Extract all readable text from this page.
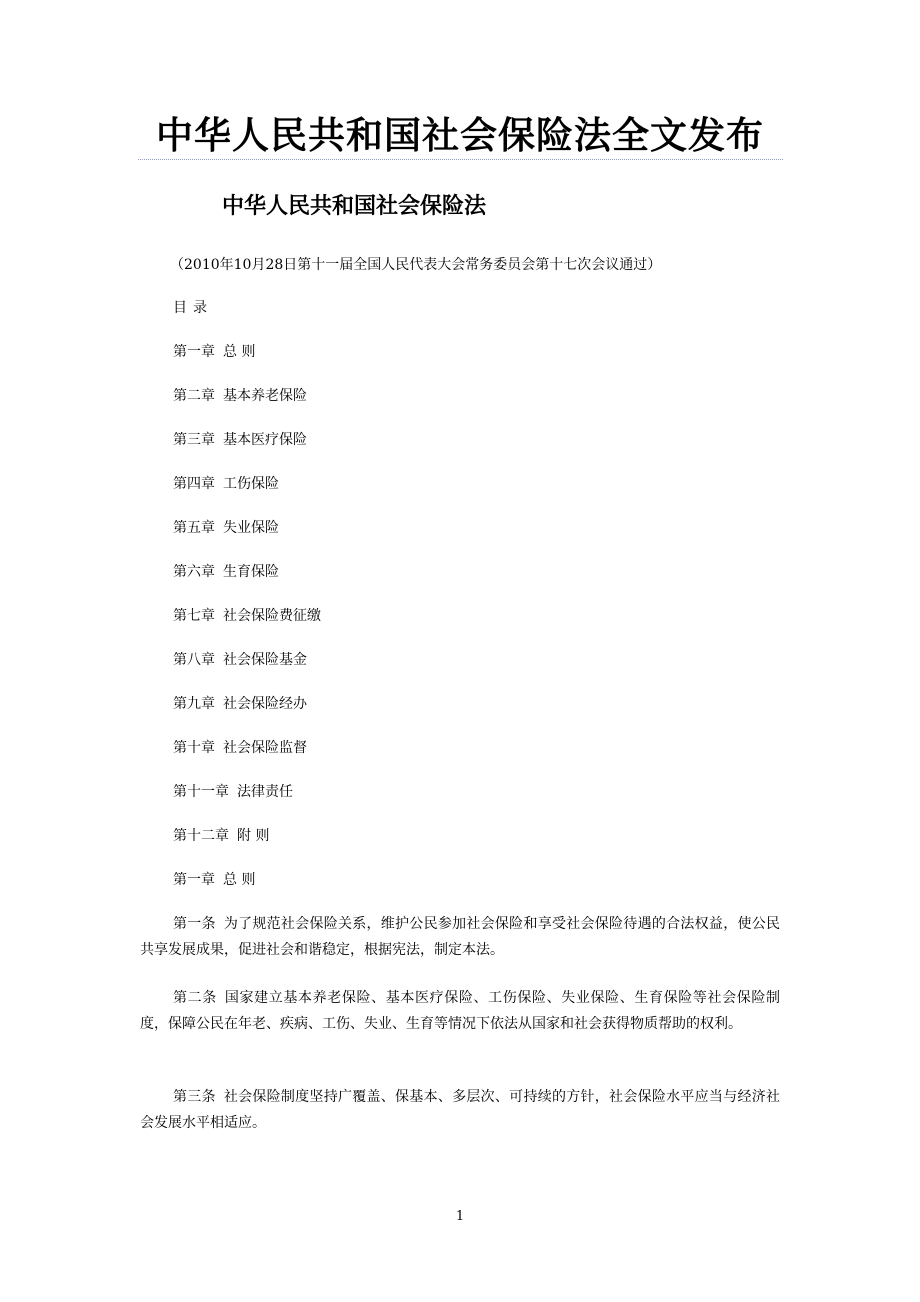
中华人民共和国社会保险法全文发布
中华人民共和国社会保险法
（2010年10月28日第十一届全国人民代表大会常务委员会第十七次会议通过）
目录
第一章 总 则
第二章 基本养老保险
第三章 基本医疗保险
第四章 工伤保险
第五章 失业保险
第六章 生育保险
第七章 社会保险费征缴
第八章 社会保险基金
第九章 社会保险经办
第十章 社会保险监督
第十一章 法律责任
第十二章 附 则
第一章 总 则

第一条 为了规范社会保险关系，维护公民参加社会保险和享受社会保险待遇的合法权益，使公民共享发展成果，促进社会和谐稳定，根据宪法，制定本法。

第二条 国家建立基本养老保险、基本医疗保险、工伤保险、失业保险、生育保险等社会保险制度，保障公民在年老、疾病、工伤、失业、生育等情况下依法从国家和社会获得物质帮助的权利。

第三条 社会保险制度坚持广覆盖、保基本、多层次、可持续的方针，社会保险水平应当与经济社会发展水平相适应。

1
